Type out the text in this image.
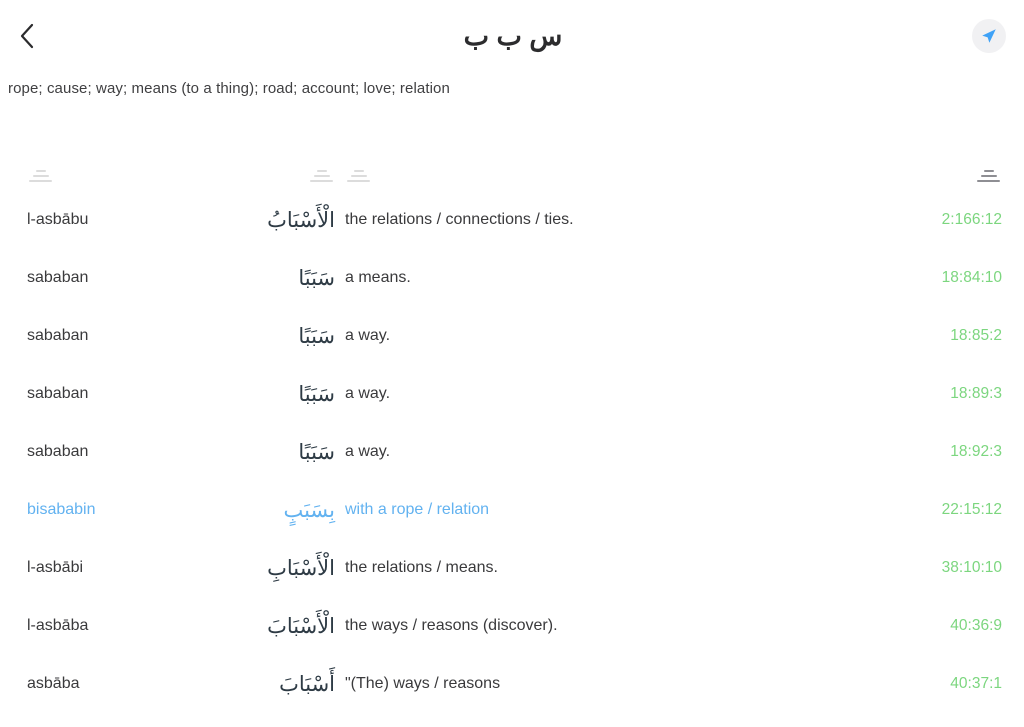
س ب ب

rope; cause; way; means (to a thing); road; account; love; relation

l-asbābu	الْأَسْبَابُ the relations / connections / ties.	2:166:12
sababan	سَبَبًا a means.	18:84:10
sababan	سَبَبًا a way.	18:85:2
sababan	سَبَبًا a way.	18:89:3
sababan	سَبَبًا a way.	18:92:3
bisababin	بِسَبَبٍ with a rope / relation	22:15:12
l-asbābi	الْأَسْبَابِ the relations / means.	38:10:10
l-asbāba	الْأَسْبَابَ the ways / reasons (discover).	40:36:9
asbāba	أَسْبَابَ "(The) ways / reasons	40:37:1
